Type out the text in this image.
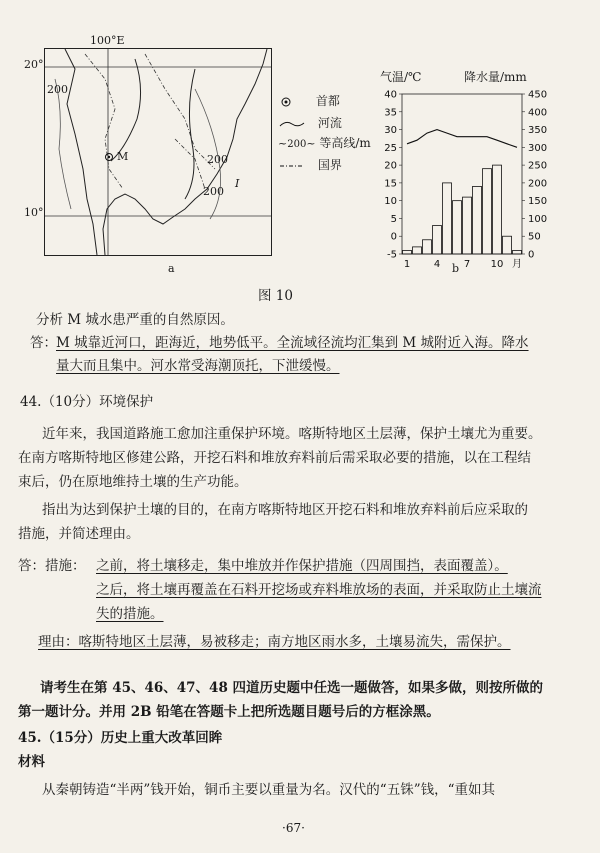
M
200
200
200
I
100°E
20°
10°
a
首都
河流
~200~ 等高线/m
国界
气温/℃	降水量/mm
40
35
30
25
20
15
10
5
0
-5
450
400
350
300
250
200
150
100
50
0
1 4 7 10 月
b
图 10
分析 M 城水患严重的自然原因。
答： M 城靠近河口，距海近，地势低平。全流域径流均汇集到 M 城附近入海。降水
量大而且集中。河水常受海潮顶托，下泄缓慢。
44.（10分）环境保护
近年来，我国道路施工愈加注重保护环境。喀斯特地区土层薄，保护土壤尤为重要。
在南方喀斯特地区修建公路，开挖石料和堆放弃料前后需采取必要的措施，以在工程结
束后，仍在原地维持土壤的生产功能。
指出为达到保护土壤的目的，在南方喀斯特地区开挖石料和堆放弃料前后应采取的
措施，并简述理由。
答：措施： 之前，将土壤移走，集中堆放并作保护措施（四周围挡，表面覆盖）。
之后，将土壤再覆盖在石料开挖场或弃料堆放场的表面，并采取防止土壤流
失的措施。
理由：喀斯特地区土层薄，易被移走；南方地区雨水多，土壤易流失，需保护。
请考生在第 45、46、47、48 四道历史题中任选一题做答，如果多做，则按所做的
第一题计分。并用 2B 铅笔在答题卡上把所选题目题号后的方框涂黑。
45.（15分）历史上重大改革回眸
材料
从秦朝铸造“半两”钱开始，铜币主要以重量为名。汉代的“五铢”钱，“重如其
·67·
